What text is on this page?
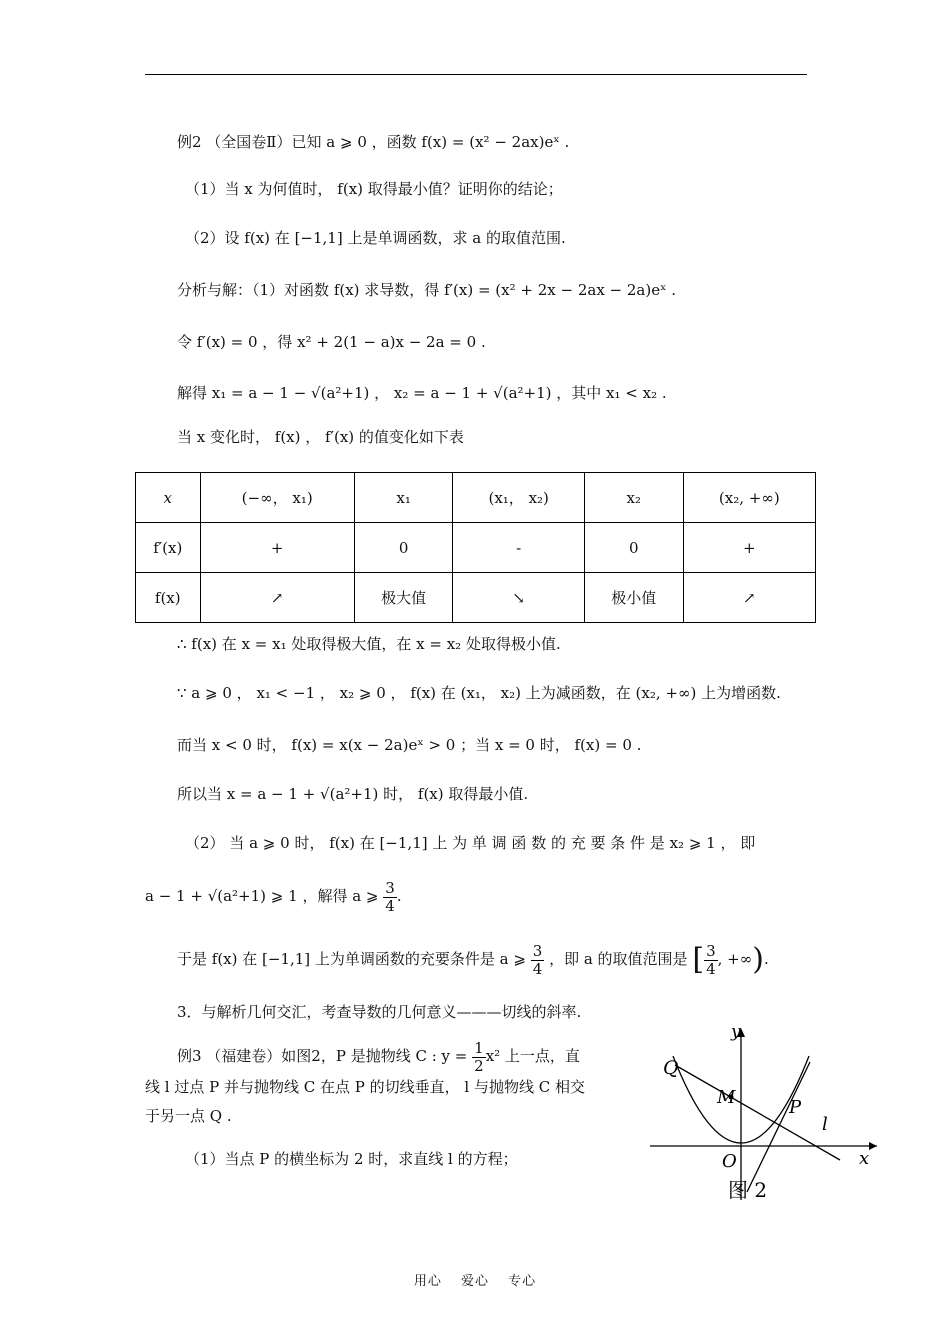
例2 （全国卷Ⅱ）已知 a ⩾ 0 ，函数 f(x) = (x² − 2ax)eˣ .
（1）当 x 为何值时， f(x) 取得最小值？证明你的结论；
（2）设 f(x) 在 [−1,1] 上是单调函数，求 a 的取值范围.
分析与解：（1）对函数 f(x) 求导数，得 f′(x) = (x² + 2x − 2ax − 2a)eˣ .
令 f′(x) = 0 ，得 x² + 2(1 − a)x − 2a = 0 .
解得 x₁ = a − 1 − √(a²+1) ， x₂ = a − 1 + √(a²+1) ，其中 x₁ < x₂ .
当 x 变化时， f(x) ， f′(x) 的值变化如下表
x	(−∞， x₁)	x₁	(x₁， x₂)	x₂	(x₂, +∞)
f′(x)	+	0	-	0	+
f(x)	↗	极大值	↘	极小值	↗
∴ f(x) 在 x = x₁ 处取得极大值，在 x = x₂ 处取得极小值.
∵ a ⩾ 0 ， x₁ < −1 ， x₂ ⩾ 0 ， f(x) 在 (x₁， x₂) 上为减函数，在 (x₂, +∞) 上为增函数.
而当 x < 0 时， f(x) = x(x − 2a)eˣ > 0 ；当 x = 0 时， f(x) = 0 .
所以当 x = a − 1 + √(a²+1) 时， f(x) 取得最小值.
（2） 当 a ⩾ 0 时， f(x) 在 [−1,1] 上 为 单 调 函 数 的 充 要 条 件 是 x₂ ⩾ 1 ， 即
a − 1 + √(a²+1) ⩾ 1 ，解得 a ⩾ $\frac{3}{4}$ .
于是 f(x) 在 [−1,1] 上为单调函数的充要条件是 a ⩾ $\frac{3}{4}$ ，即 a 的取值范围是 [ $\frac{3}{4}$ , +∞).
3．与解析几何交汇，考查导数的几何意义———切线的斜率.
例3 （福建卷）如图2，P 是抛物线 C : $y = \frac{1}{2} x^2$ 上一点，直
线 l 过点 P 并与抛物线 C 在点 P 的切线垂直， l 与抛物线 C 相交
于另一点 Q .
（1）当点 P 的横坐标为 2 时，求直线 l 的方程；
y
Q
M	P
l
O	x
图 2
用心 爱心 专心
